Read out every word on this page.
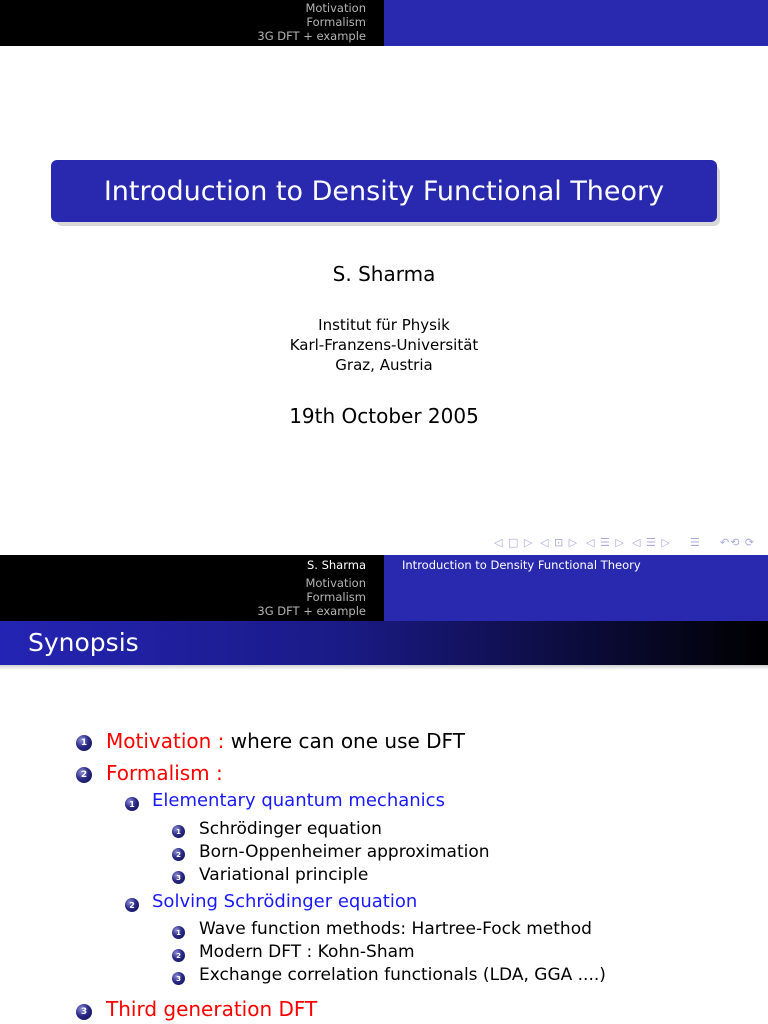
Motivation
Formalism
3G DFT + example
Introduction to Density Functional Theory
S. Sharma
Institut für Physik
Karl-Franzens-Universität
Graz, Austria
19th October 2005
◁ □ ▷ ◁ ⊡ ▷ ◁ ☰ ▷ ◁ ☰ ▷ ☰ ↶⟲ ⟳
S. Sharma
Motivation
Formalism
3G DFT + example
Introduction to Density Functional Theory
Synopsis
1 Motivation : where can one use DFT
2 Formalism :
1 Elementary quantum mechanics
1 Schrödinger equation
2 Born-Oppenheimer approximation
3 Variational principle
2 Solving Schrödinger equation
1 Wave function methods: Hartree-Fock method
2 Modern DFT : Kohn-Sham
3 Exchange correlation functionals (LDA, GGA ....)
3 Third generation DFT
